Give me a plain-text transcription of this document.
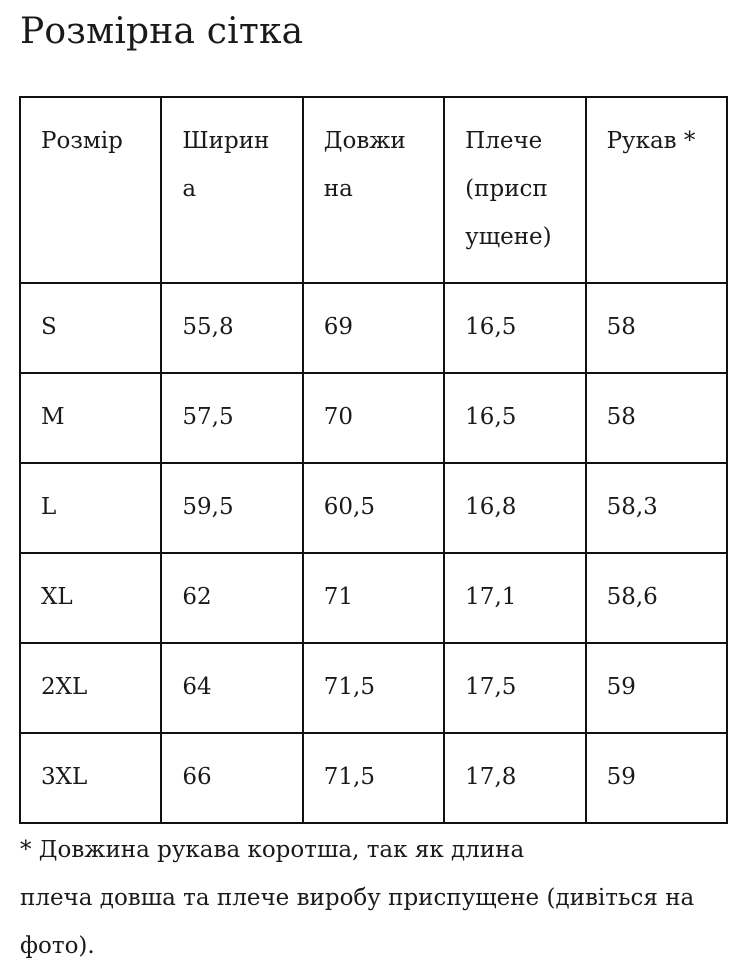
Розмірна сітка
Розмір	Ширин а	Довжи на	Плече (присп ущене)	Рукав *
S	55,8	69	16,5	58
M	57,5	70	16,5	58
L	59,5	60,5	16,8	58,3
XL	62	71	17,1	58,6
2XL	64	71,5	17,5	59
3XL	66	71,5	17,8	59

* Довжина рукава коротша, так як длина
плеча довша та плече виробу приспущене (дивіться на
фото).
